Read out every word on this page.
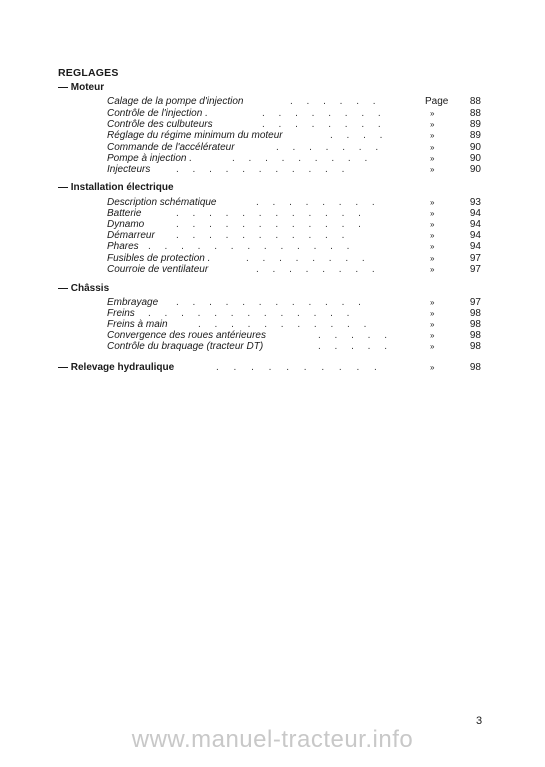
REGLAGES
— Moteur
Calage de la pompe d'injection	. . . . . .	Page 88
Contrôle de l'injection .	. . . . . . . .	»	88
Contrôle des culbuteurs	. . . . . . . .	»	89
Réglage du régime minimum du moteur	. . . .	»	89
Commande de l'accélérateur	. . . . . . .	»	90
Pompe à injection .	. . . . . . . . .	»	90
Injecteurs	. . . . . . . . . . .	»	90
— Installation électrique
Description schématique	. . . . . . . .	»	93
Batterie	. . . . . . . . . . . .	»	94
Dynamo	. . . . . . . . . . . .	»	94
Démarreur . . . . . . . . . . .	»	94
Phares . . . . . . . . . . . . .	»	94
Fusibles de protection .	. . . . . . . .	»	97
Courroie de ventilateur	. . . . . . . .	»	97
— Châssis
Embrayage . . . . . . . . . . . .	»	97
Freins . . . . . . . . . . . . .	»	98
Freins à main	. . . . . . . . . . .	»	98
Convergence des roues antérieures	. . . . .	»	98
Contrôle du braquage (tracteur DT)	. . . . .	»	98
— Relevage hydraulique	. . . . . . . . . .	»	98
3
www.manuel-tracteur.info
